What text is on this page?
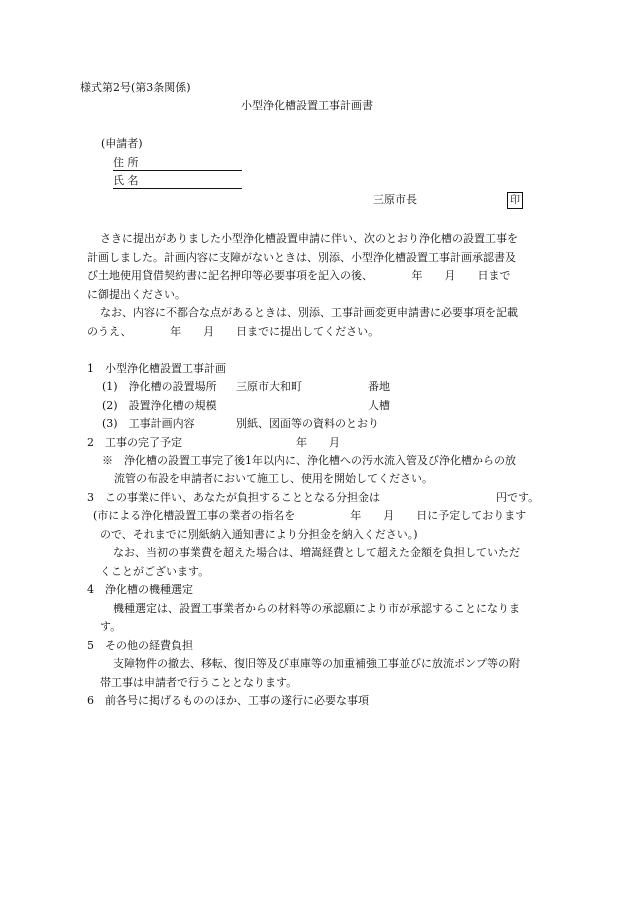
様式第2号(第3条関係)

小型浄化槽設置工事計画書

(申請者)

住 所

氏 名

三原市長	印

さきに提出がありました小型浄化槽設置申請に伴い、次のとおり浄化槽の設置工事を

計画しました。計画内容に支障がないときは、別添、小型浄化槽設置工事計画承認書及

び土地使用貸借契約書に記名押印等必要事項を記入の後、　　　　年　　月　　日まで

に御提出ください。

なお、内容に不都合な点があるときは、別添、工事計画変更申請書に必要事項を記載

のうえ、　　　　年　　月　　日までに提出してください。

1　小型浄化槽設置工事計画

(1)　浄化槽の設置場所 三原市大和町	番地

(2)　設置浄化槽の規模	人槽

(3)　工事計画内容	別紙、図面等の資料のとおり

2　工事の完了予定	年　　月

※　浄化槽の設置工事完了後1年以内に、浄化槽への汚水流入管及び浄化槽からの放

流管の布設を申請者において施工し、使用を開始してください。

3　この事業に伴い、あなたが負担することとなる分担金は	円です。

(市による浄化槽設置工事の業者の指名を　　　　　年　　月　　日に予定しております

ので、それまでに別紙納入通知書により分担金を納入ください。)

なお、当初の事業費を超えた場合は、増嵩経費として超えた金額を負担していただ

くことがございます。

4　浄化槽の機種選定

機種選定は、設置工事業者からの材料等の承認願により市が承認することになりま

す。

5　その他の経費負担

支障物件の撤去、移転、復旧等及び車庫等の加重補強工事並びに放流ポンプ等の附

帯工事は申請者で行うこととなります。

6　前各号に掲げるもののほか、工事の遂行に必要な事項
